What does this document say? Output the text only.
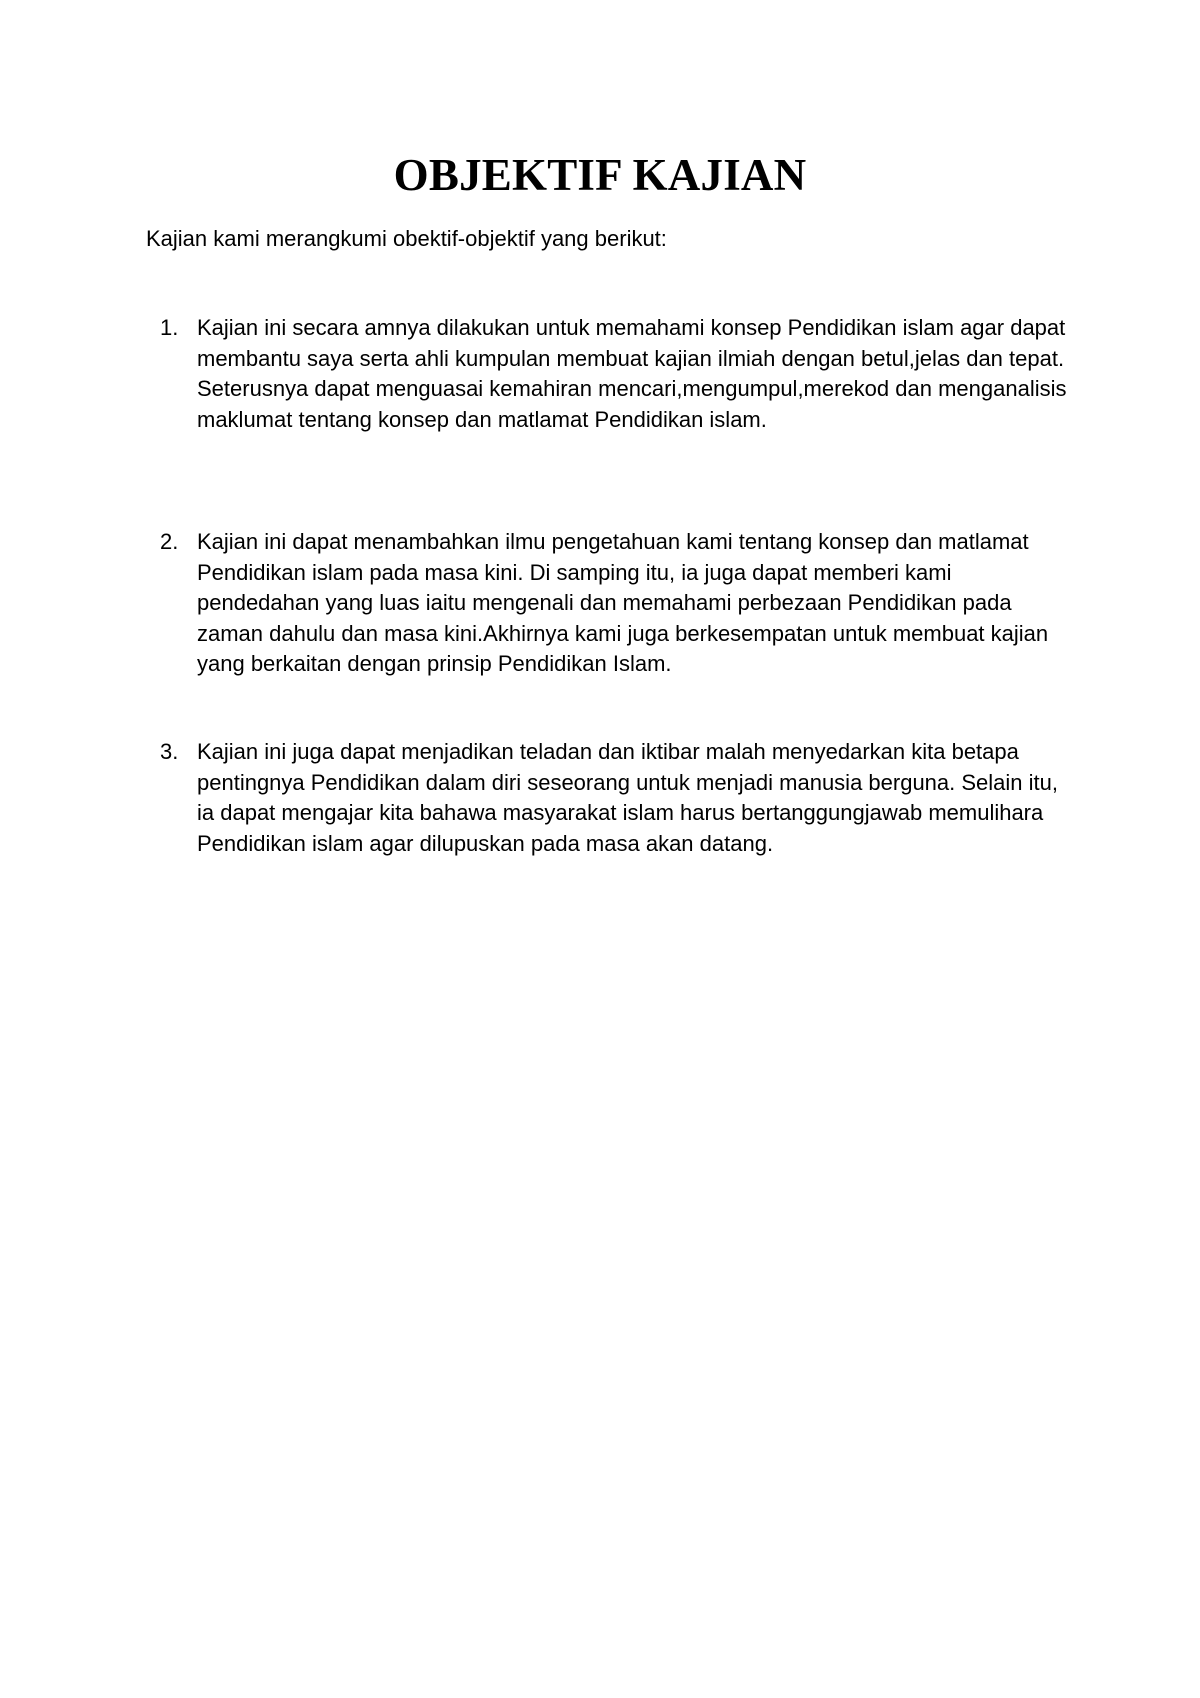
OBJEKTIF KAJIAN

Kajian kami merangkumi obektif-objektif yang berikut:

1. Kajian ini secara amnya dilakukan untuk memahami konsep Pendidikan islam agar dapat membantu saya serta ahli kumpulan membuat kajian ilmiah dengan betul,jelas dan tepat. Seterusnya dapat menguasai kemahiran mencari,mengumpul,merekod dan menganalisis maklumat tentang konsep dan matlamat Pendidikan islam.
2. Kajian ini dapat menambahkan ilmu pengetahuan kami tentang konsep dan matlamat Pendidikan islam pada masa kini. Di samping itu, ia juga dapat memberi kami pendedahan yang luas iaitu mengenali dan memahami perbezaan Pendidikan pada zaman dahulu dan masa kini.Akhirnya kami juga berkesempatan untuk membuat kajian yang berkaitan dengan prinsip Pendidikan Islam.
3. Kajian ini juga dapat menjadikan teladan dan iktibar malah menyedarkan kita betapa pentingnya Pendidikan dalam diri seseorang untuk menjadi manusia berguna. Selain itu, ia dapat mengajar kita bahawa masyarakat islam harus bertanggungjawab memulihara Pendidikan islam agar dilupuskan pada masa akan datang.
